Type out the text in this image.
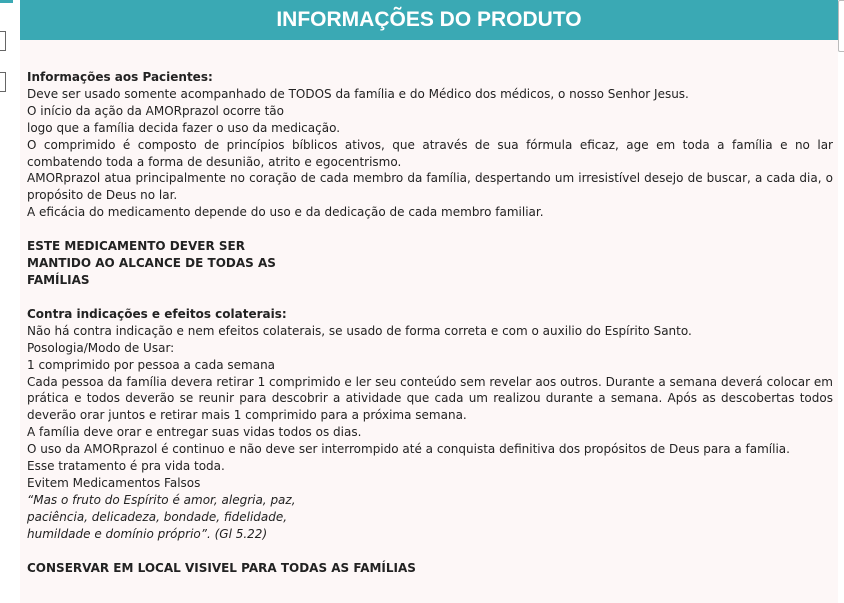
INFORMAÇÕES DO PRODUTO

Informações aos Pacientes:

Deve ser usado somente acompanhado de TODOS da família e do Médico dos médicos, o nosso Senhor Jesus.

O início da ação da AMORprazol ocorre tão

logo que a família decida fazer o uso da medicação.

O comprimido é composto de princípios bíblicos ativos, que através de sua fórmula eficaz, age em toda a família e no lar combatendo toda a forma de desunião, atrito e egocentrismo.

AMORprazol atua principalmente no coração de cada membro da família, despertando um irresistível desejo de buscar, a cada dia, o propósito de Deus no lar.

A eficácia do medicamento depende do uso e da dedicação de cada membro familiar.

ESTE MEDICAMENTO DEVER SER

MANTIDO AO ALCANCE DE TODAS AS

FAMÍLIAS

Contra indicações e efeitos colaterais:

Não há contra indicação e nem efeitos colaterais, se usado de forma correta e com o auxilio do Espírito Santo.

Posologia/Modo de Usar:

1 comprimido por pessoa a cada semana

Cada pessoa da família devera retirar 1 comprimido e ler seu conteúdo sem revelar aos outros. Durante a semana deverá colocar em prática e todos deverão se reunir para descobrir a atividade que cada um realizou durante a semana. Após as descobertas todos deverão orar juntos e retirar mais 1 comprimido para a próxima semana.

A família deve orar e entregar suas vidas todos os dias.

O uso da AMORprazol é continuo e não deve ser interrompido até a conquista definitiva dos propósitos de Deus para a família.

Esse tratamento é pra vida toda.

Evitem Medicamentos Falsos

“Mas o fruto do Espírito é amor, alegria, paz,

paciência, delicadeza, bondade, fidelidade,

humildade e domínio próprio”. (Gl 5.22)

CONSERVAR EM LOCAL VISIVEL PARA TODAS AS FAMÍLIAS
